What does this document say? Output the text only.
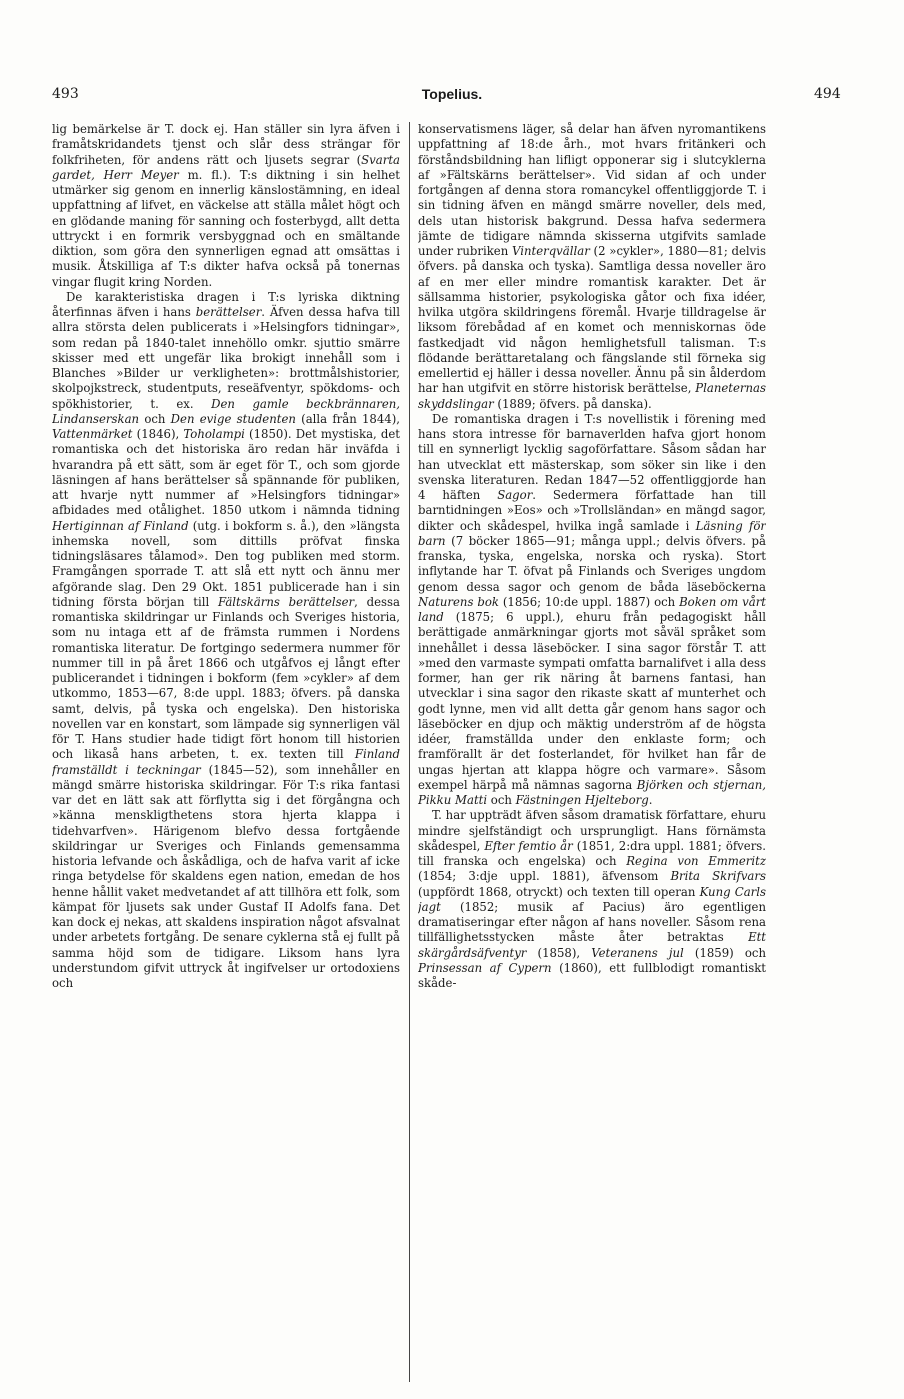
493	Topelius.	494

lig bemärkelse är T. dock ej. Han ställer sin lyra äfven i framåtskridandets tjenst och slår dess strängar för folkfriheten, för andens rätt och ljusets segrar (Svarta gardet, Herr Meyer m. fl.). T:s diktning i sin helhet utmärker sig genom en innerlig känslostämning, en ideal uppfattning af lifvet, en väckelse att ställa målet högt och en glödande maning för sanning och fosterbygd, allt detta uttryckt i en formrik versbyggnad och en smältande diktion, som göra den synnerligen egnad att omsättas i musik. Åtskilliga af T:s dikter hafva också på tonernas vingar flugit kring Norden.

De karakteristiska dragen i T:s lyriska diktning återfinnas äfven i hans berättelser. Äfven dessa hafva till allra största delen publicerats i »Helsingfors tidningar», som redan på 1840-talet innehöllo omkr. sjuttio smärre skisser med ett ungefär lika brokigt innehåll som i Blanches »Bilder ur verkligheten»: brottmålshistorier, skolpojkstreck, studentputs, reseäfventyr, spökdoms- och spökhistorier, t. ex. Den gamle beckbrännaren, Lindanserskan och Den evige studenten (alla från 1844), Vattenmärket (1846), Toholampi (1850). Det mystiska, det romantiska och det historiska äro redan här inväfda i hvarandra på ett sätt, som är eget för T., och som gjorde läsningen af hans berättelser så spännande för publiken, att hvarje nytt nummer af »Helsingfors tidningar» afbidades med otålighet. 1850 utkom i nämnda tidning Hertiginnan af Finland (utg. i bokform s. å.), den »längsta inhemska novell, som dittills pröfvat finska tidningsläsares tålamod». Den tog publiken med storm. Framgången sporrade T. att slå ett nytt och ännu mer afgörande slag. Den 29 Okt. 1851 publicerade han i sin tidning första början till Fältskärns berättelser, dessa romantiska skildringar ur Finlands och Sveriges historia, som nu intaga ett af de främsta rummen i Nordens romantiska literatur. De fortgingo sedermera nummer för nummer till in på året 1866 och utgåfvos ej långt efter publicerandet i tidningen i bokform (fem »cykler» af dem utkommo, 1853—67, 8:de uppl. 1883; öfvers. på danska samt, delvis, på tyska och engelska). Den historiska novellen var en konstart, som lämpade sig synnerligen väl för T. Hans studier hade tidigt fört honom till historien och likaså hans arbeten, t. ex. texten till Finland framställdt i teckningar (1845—52), som innehåller en mängd smärre historiska skildringar. För T:s rika fantasi var det en lätt sak att förflytta sig i det förgångna och »känna menskligthetens stora hjerta klappa i tidehvarfven». Härigenom blefvo dessa fortgående skildringar ur Sveriges och Finlands gemensamma historia lefvande och åskådliga, och de hafva varit af icke ringa betydelse för skaldens egen nation, emedan de hos henne hållit vaket medvetandet af att tillhöra ett folk, som kämpat för ljusets sak under Gustaf II Adolfs fana. Det kan dock ej nekas, att skaldens inspiration något afsvalnat under arbetets fortgång. De senare cyklerna stå ej fullt på samma höjd som de tidigare. Liksom hans lyra understundom gifvit uttryck åt ingifvelser ur ortodoxiens och

konservatismens läger, så delar han äfven nyromantikens uppfattning af 18:de årh., mot hvars fritänkeri och förståndsbildning han lifligt opponerar sig i slutcyklerna af »Fältskärns berättelser». Vid sidan af och under fortgången af denna stora romancykel offentliggjorde T. i sin tidning äfven en mängd smärre noveller, dels med, dels utan historisk bakgrund. Dessa hafva sedermera jämte de tidigare nämnda skisserna utgifvits samlade under rubriken Vinterqvällar (2 »cykler», 1880—81; delvis öfvers. på danska och tyska). Samtliga dessa noveller äro af en mer eller mindre romantisk karakter. Det är sällsamma historier, psykologiska gåtor och fixa idéer, hvilka utgöra skildringens föremål. Hvarje tilldragelse är liksom förebådad af en komet och menniskornas öde fastkedjadt vid någon hemlighetsfull talisman. T:s flödande berättaretalang och fängslande stil förneka sig emellertid ej häller i dessa noveller. Ännu på sin ålderdom har han utgifvit en större historisk berättelse, Planeternas skyddslingar (1889; öfvers. på danska).

De romantiska dragen i T:s novellistik i förening med hans stora intresse för barnaverlden hafva gjort honom till en synnerligt lycklig sagoförfattare. Såsom sådan har han utvecklat ett mästerskap, som söker sin like i den svenska literaturen. Redan 1847—52 offentliggjorde han 4 häften Sagor. Sedermera författade han till barntidningen »Eos» och »Trollsländan» en mängd sagor, dikter och skådespel, hvilka ingå samlade i Läsning för barn (7 böcker 1865—91; många uppl.; delvis öfvers. på franska, tyska, engelska, norska och ryska). Stort inflytande har T. öfvat på Finlands och Sveriges ungdom genom dessa sagor och genom de båda läseböckerna Naturens bok (1856; 10:de uppl. 1887) och Boken om vårt land (1875; 6 uppl.), ehuru från pedagogiskt håll berättigade anmärkningar gjorts mot såväl språket som innehållet i dessa läseböcker. I sina sagor förstår T. att »med den varmaste sympati omfatta barnalifvet i alla dess former, han ger rik näring åt barnens fantasi, han utvecklar i sina sagor den rikaste skatt af munterhet och godt lynne, men vid allt detta går genom hans sagor och läseböcker en djup och mäktig underström af de högsta idéer, framställda under den enklaste form; och framförallt är det fosterlandet, för hvilket han får de ungas hjertan att klappa högre och varmare». Såsom exempel härpå må nämnas sagorna Björken och stjernan, Pikku Matti och Fästningen Hjelteborg.

T. har uppträdt äfven såsom dramatisk författare, ehuru mindre sjelfständigt och ursprungligt. Hans förnämsta skådespel, Efter femtio år (1851, 2:dra uppl. 1881; öfvers. till franska och engelska) och Regina von Emmeritz (1854; 3:dje uppl. 1881), äfvensom Brita Skrifvars (uppfördt 1868, otryckt) och texten till operan Kung Carls jagt (1852; musik af Pacius) äro egentligen dramatiseringar efter någon af hans noveller. Såsom rena tillfällighetsstycken måste åter betraktas Ett skärgårdsäfventyr (1858), Veteranens jul (1859) och Prinsessan af Cypern (1860), ett fullblodigt romantiskt skåde-
